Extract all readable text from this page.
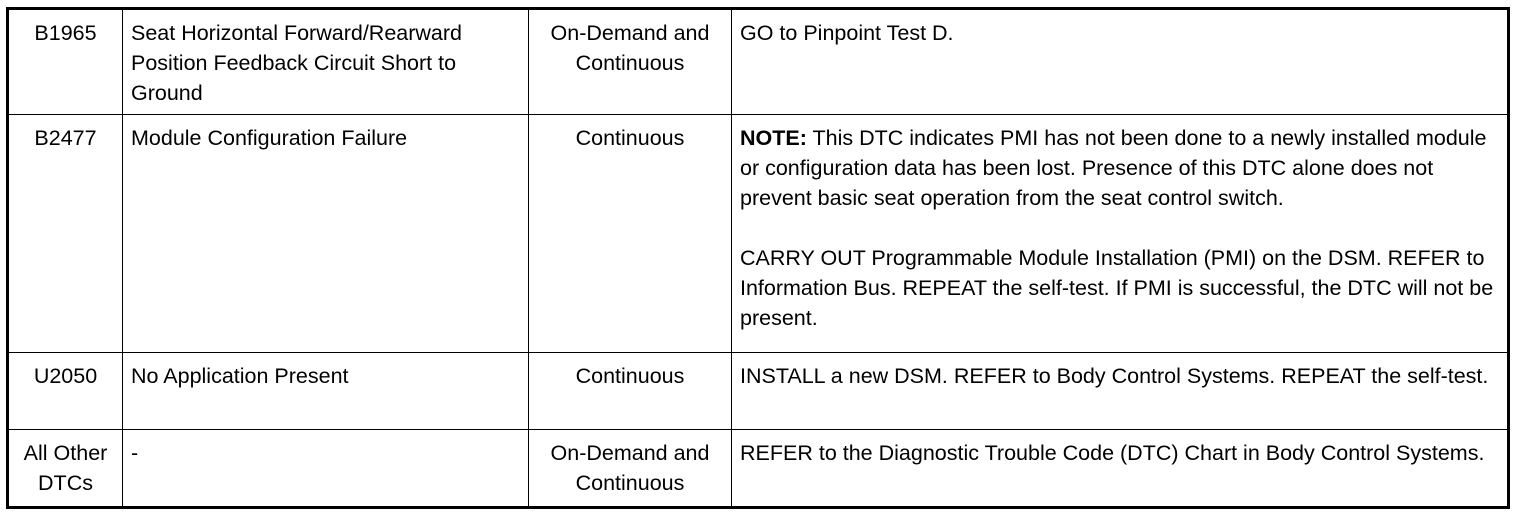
B1965	Seat Horizontal Forward/Rearward Position Feedback Circuit Short to Ground	On-Demand and Continuous	GO to Pinpoint Test D.

B2477	Module Configuration Failure	Continuous	NOTE: This DTC indicates PMI has not been done to a newly installed module or configuration data has been lost. Presence of this DTC alone does not prevent basic seat operation from the seat control switch.
CARRY OUT Programmable Module Installation (PMI) on the DSM. REFER to Information Bus. REPEAT the self-test. If PMI is successful, the DTC will not be present.

U2050	No Application Present	Continuous	INSTALL a new DSM. REFER to Body Control Systems. REPEAT the self-test.

All Other DTCs	-	On-Demand and Continuous	REFER to the Diagnostic Trouble Code (DTC) Chart in Body Control Systems.
